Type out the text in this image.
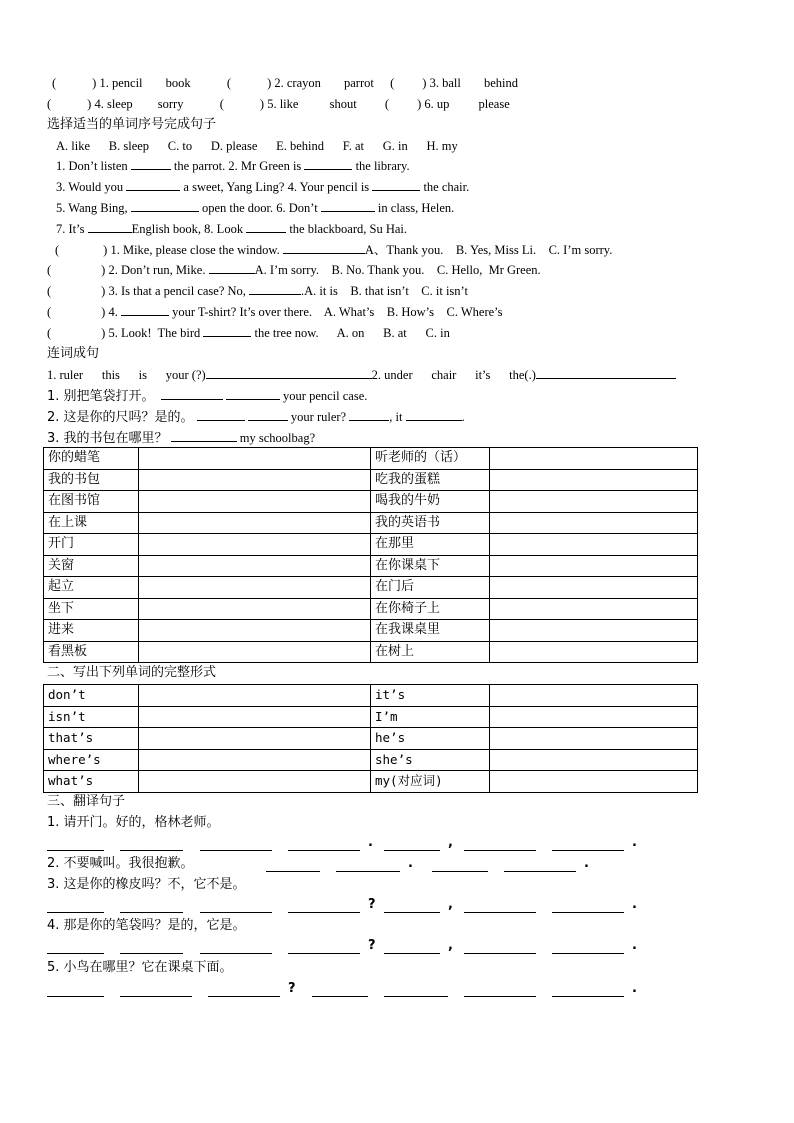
(	) 1. pencil book	(	) 2. crayon parrot ( ) 3. ball behind
(	) 4. sleep sorry	(	) 5. like shout ( ) 6. up please
选择适当的单词序号完成句子
A. like      B. sleep      C. to      D. please      E. behind      F. at      G. in      H. my
1. Don’t listen	the parrot. 2. Mr Green is	the library.
3. Would you	a sweet, Yang Ling? 4. Your pencil is	the chair.
5. Wang Bing,	open the door. 6. Don’t	in class, Helen.
7. It’s	English book, 8. Look	the blackboard, Su Hai.
(	) 1. Mike, please close the window.	A、Thank you.    B. Yes, Miss Li.    C. I’m sorry.
(	) 2. Don’t run, Mike.	A. I’m sorry.    B. No. Thank you.    C. Hello,  Mr Green.
(	) 3. Is that a pencil case? No,	.A. it is    B. that isn’t    C. it isn’t
(	) 4.	your T-shirt? It’s over there.    A. What’s    B. How’s    C. Where’s
(	) 5. Look!  The bird	the tree now.      A. on      B. at      C. in
连词成句
1. ruler      this      is      your (?)	2. under      chair      it’s      the(.)
1. 别把笔袋打开。	your pencil case.
2. 这是你的尺吗？是的。	your ruler?	, it	.
3. 我的书包在哪里？	my schoolbag?
你的蜡笔		听老师的（话）	
我的书包		吃我的蛋糕	
在图书馆		喝我的牛奶	
在上课		我的英语书	
开门		在那里	
关窗		在你课桌下	
起立		在门后	
坐下		在你椅子上	
进来		在我课桌里	
看黑板		在树上	
二、写出下列单词的完整形式
don’t		it’s	
isn’t		I’m	
that’s		he’s	
where’s		she’s	
what’s		my(对应词)	
三、翻译句子
1. 请开门。好的，格林老师。
2. 不要喊叫。我很抱歉。
3. 这是你的橡皮吗？不，它不是。
4. 那是你的笔袋吗？是的，它是。
5. 小鸟在哪里？它在课桌下面。
.	,	.
.	.
?	,	.
?	,	.
?	.
